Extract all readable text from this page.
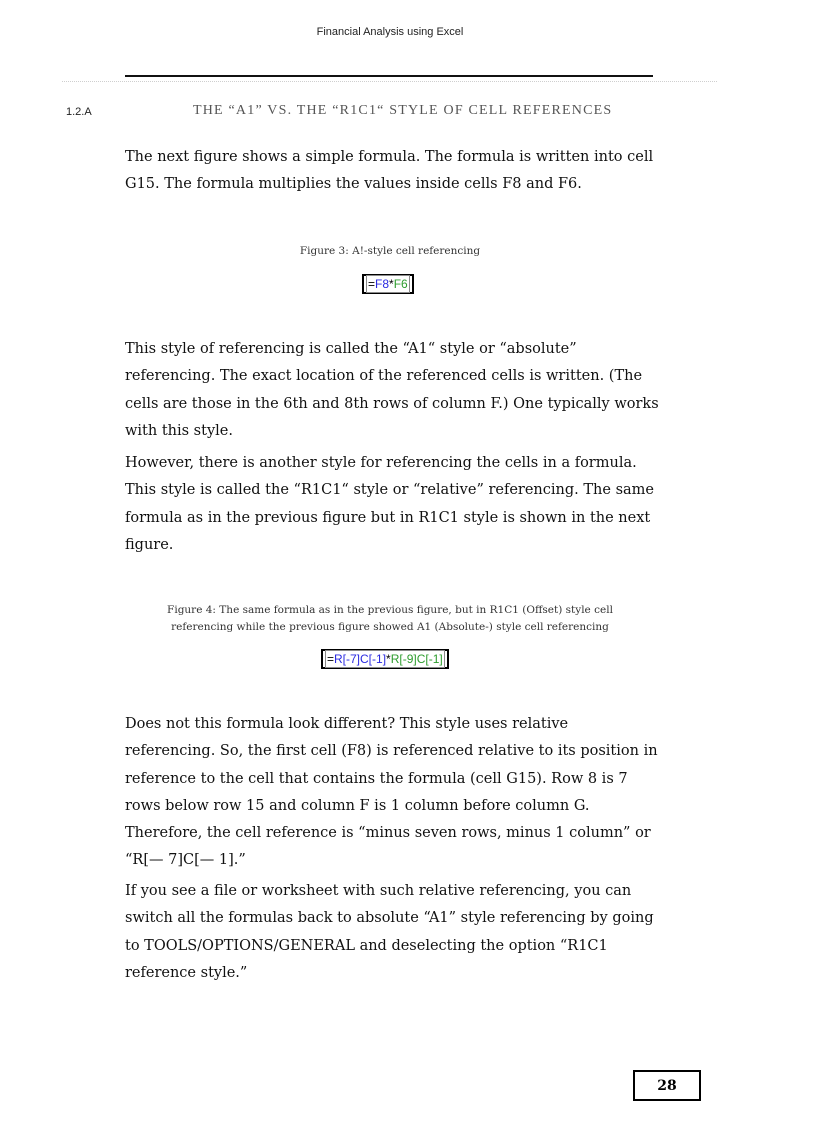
Financial Analysis using Excel
1.2.A	THE “A1” VS. THE “R1C1“ STYLE OF CELL REFERENCES

The next figure shows a simple formula. The formula is written into cell G15. The formula multiplies the values inside cells F8 and F6.

Figure 3: A!-style cell referencing
=F8*F6

This style of referencing is called the “A1“ style or “absolute” referencing. The exact location of the referenced cells is written. (The cells are those in the 6th and 8th rows of column F.) One typically works with this style.

However, there is another style for referencing the cells in a formula. This style is called the “R1C1“ style or “relative” referencing. The same formula as in the previous figure but in R1C1 style is shown in the next figure.

Figure 4: The same formula as in the previous figure, but in R1C1 (Offset) style cell referencing while the previous figure showed A1 (Absolute-) style cell referencing
=R[-7]C[-1]*R[-9]C[-1]

Does not this formula look different? This style uses relative referencing. So, the first cell (F8) is referenced relative to its position in reference to the cell that contains the formula (cell G15). Row 8 is 7 rows below row 15 and column F is 1 column before column G. Therefore, the cell reference is “minus seven rows, minus 1 column” or “R[— 7]C[— 1].”

If you see a file or worksheet with such relative referencing, you can switch all the formulas back to absolute “A1” style referencing by going to TOOLS/OPTIONS/GENERAL and deselecting the option “R1C1 reference style.”

28
